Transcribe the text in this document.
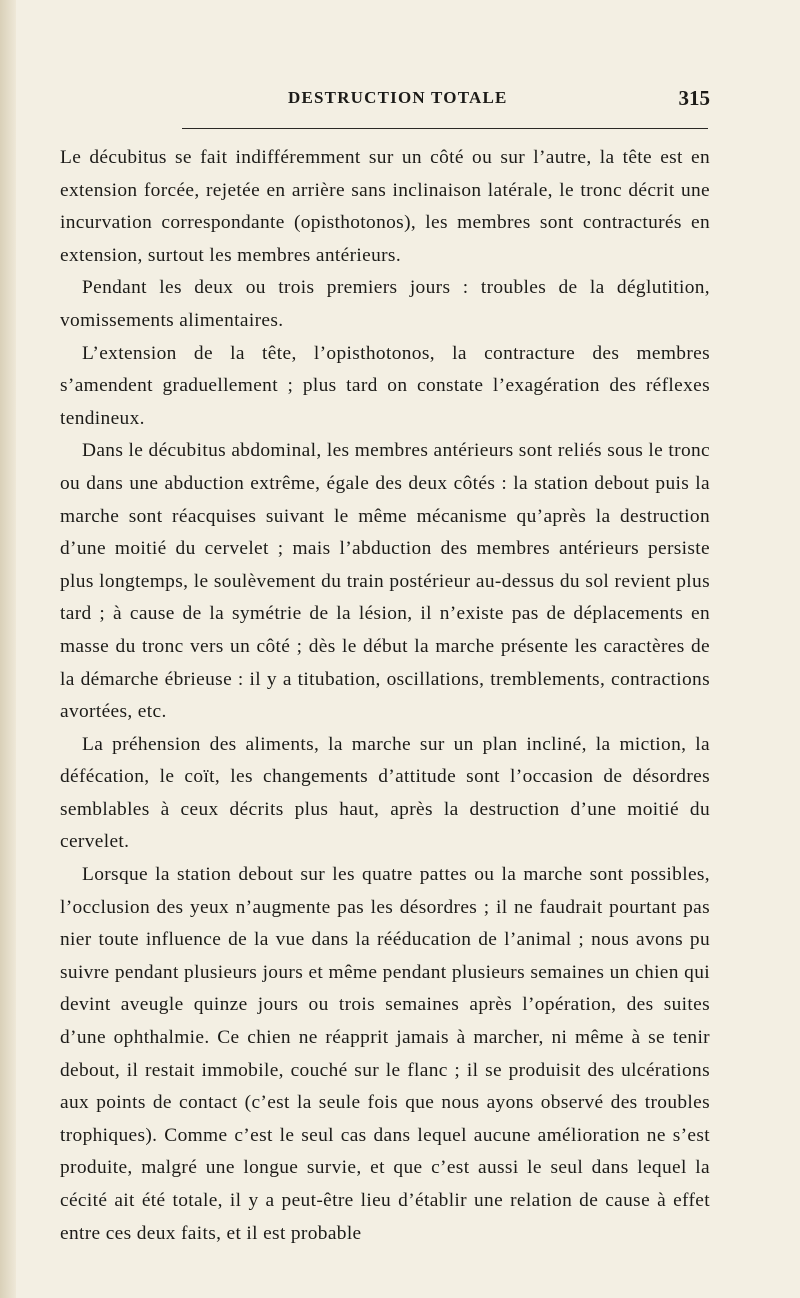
DESTRUCTION TOTALE	315

Le décubitus se fait indifféremment sur un côté ou sur l’autre, la tête est en extension forcée, rejetée en arrière sans inclinaison latérale, le tronc décrit une incurvation correspondante (opisthotonos), les membres sont contracturés en extension, surtout les membres antérieurs.

Pendant les deux ou trois premiers jours : troubles de la déglutition, vomissements alimentaires.

L’extension de la tête, l’opisthotonos, la contracture des membres s’amendent graduellement ; plus tard on constate l’exagération des réflexes tendineux.

Dans le décubitus abdominal, les membres antérieurs sont reliés sous le tronc ou dans une abduction extrême, égale des deux côtés : la station debout puis la marche sont réacquises suivant le même mécanisme qu’après la destruction d’une moitié du cervelet ; mais l’abduction des membres antérieurs persiste plus longtemps, le soulèvement du train postérieur au-dessus du sol revient plus tard ; à cause de la symétrie de la lésion, il n’existe pas de déplacements en masse du tronc vers un côté ; dès le début la marche présente les caractères de la démarche ébrieuse : il y a titubation, oscillations, tremblements, contractions avortées, etc.

La préhension des aliments, la marche sur un plan incliné, la miction, la défécation, le coït, les changements d’attitude sont l’occasion de désordres semblables à ceux décrits plus haut, après la destruction d’une moitié du cervelet.

Lorsque la station debout sur les quatre pattes ou la marche sont possibles, l’occlusion des yeux n’augmente pas les désordres ; il ne faudrait pourtant pas nier toute influence de la vue dans la rééducation de l’animal ; nous avons pu suivre pendant plusieurs jours et même pendant plusieurs semaines un chien qui devint aveugle quinze jours ou trois semaines après l’opération, des suites d’une ophthalmie. Ce chien ne réapprit jamais à marcher, ni même à se tenir debout, il restait immobile, couché sur le flanc ; il se produisit des ulcérations aux points de contact (c’est la seule fois que nous ayons observé des troubles trophiques). Comme c’est le seul cas dans lequel aucune amélioration ne s’est produite, malgré une longue survie, et que c’est aussi le seul dans lequel la cécité ait été totale, il y a peut-être lieu d’établir une relation de cause à effet entre ces deux faits, et il est probable
